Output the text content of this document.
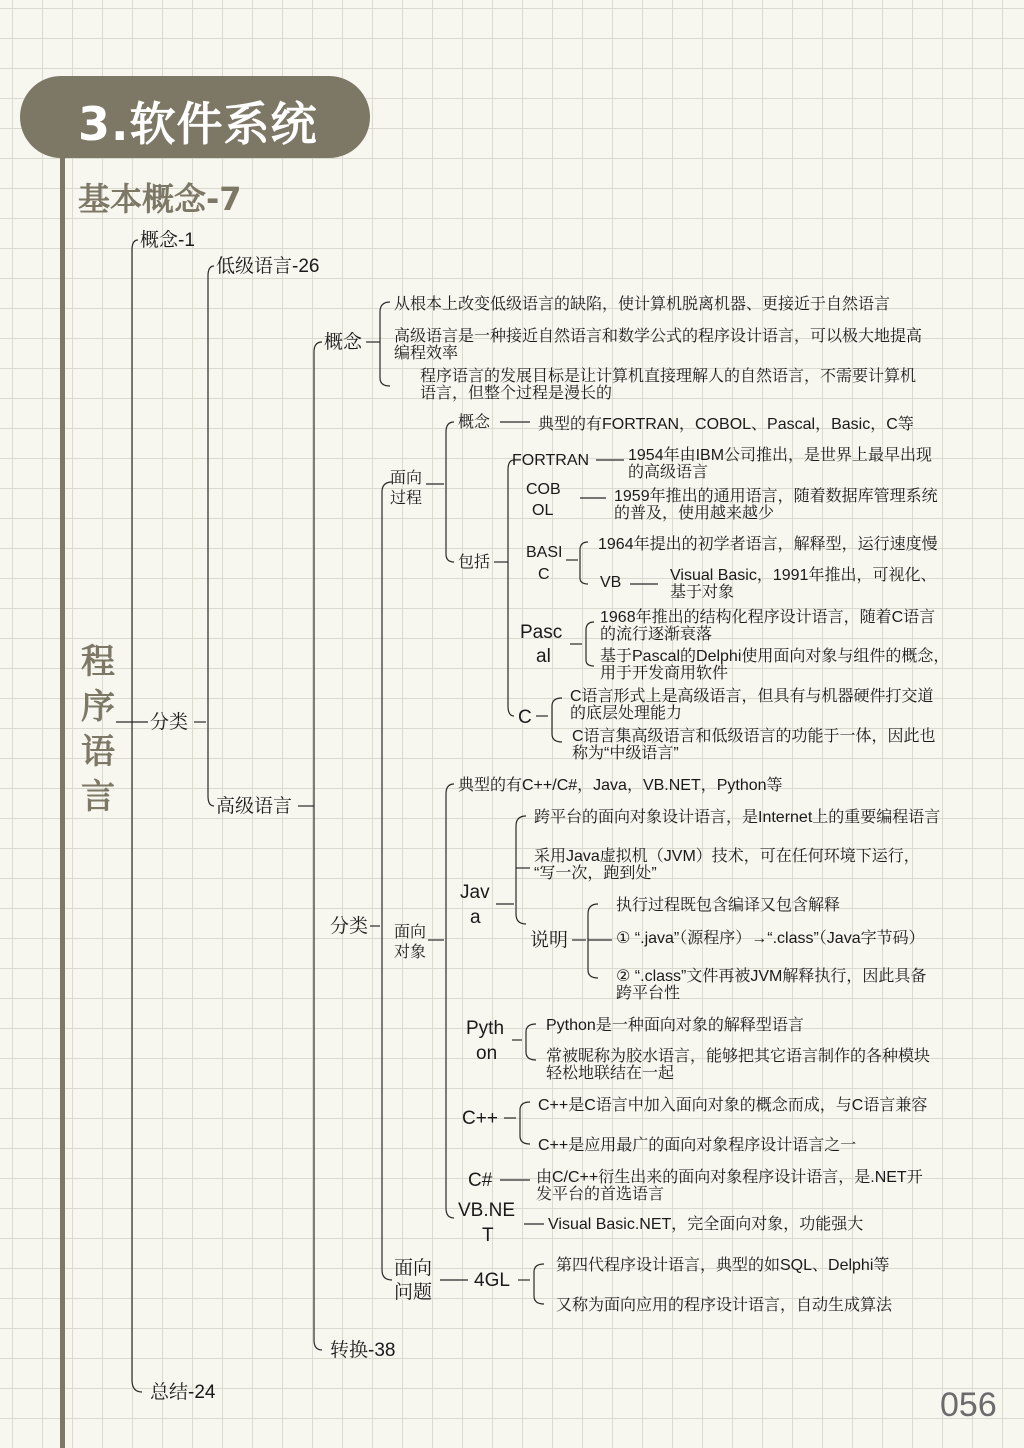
3.软件系统
基本概念-7
程序语言
056
概念-1
分类
总结-24
低级语言-26
高级语言
概念
分类
转换-38
从根本上改变低级语言的缺陷，使计算机脱离机器、更接近于自然语言
高级语言是一种接近自然语言和数学公式的程序设计语言，可以极大地提高
编程效率
程序语言的发展目标是让计算机直接理解人的自然语言，不需要计算机
语言，但整个过程是漫长的
面向
过程
概念	典型的有FORTRAN，COBOL、Pascal，Basic，C等
包括
FORTRAN 1954年由IBM公司推出，是世界上最早出现
的高级语言
COB
OL
1959年推出的通用语言，随着数据库管理系统
的普及，使用越来越少
BASI
C
1964年提出的初学者语言，解释型，运行速度慢
VB	Visual Basic，1991年推出，可视化、
基于对象
Pasc
al
1968年推出的结构化程序设计语言，随着C语言
的流行逐渐衰落
基于Pascal的Delphi使用面向对象与组件的概念，
用于开发商用软件
C
C语言形式上是高级语言，但具有与机器硬件打交道
的底层处理能力
C语言集高级语言和低级语言的功能于一体，因此也
称为“中级语言”
面向
对象
典型的有C++/C#，Java，VB.NET，Python等
Jav
a
跨平台的面向对象设计语言，是Internet上的重要编程语言
采用Java虚拟机（JVM）技术，可在任何环境下运行，
“写一次，跑到处”
说明
执行过程既包含编译又包含解释
① “.java”（源程序）→“.class”（Java字节码）
② “.class”文件再被JVM解释执行，因此具备
跨平台性
Pyth
on
Python是一种面向对象的解释型语言
常被昵称为胶水语言，能够把其它语言制作的各种模块
轻松地联结在一起
C++
C++是C语言中加入面向对象的概念而成，与C语言兼容
C++是应用最广的面向对象程序设计语言之一
C#	由C/C++衍生出来的面向对象程序设计语言，是.NET开
发平台的首选语言
VB.NE
T
Visual Basic.NET，完全面向对象，功能强大
面向
问题
4GL
第四代程序设计语言，典型的如SQL、Delphi等
又称为面向应用的程序设计语言，自动生成算法
